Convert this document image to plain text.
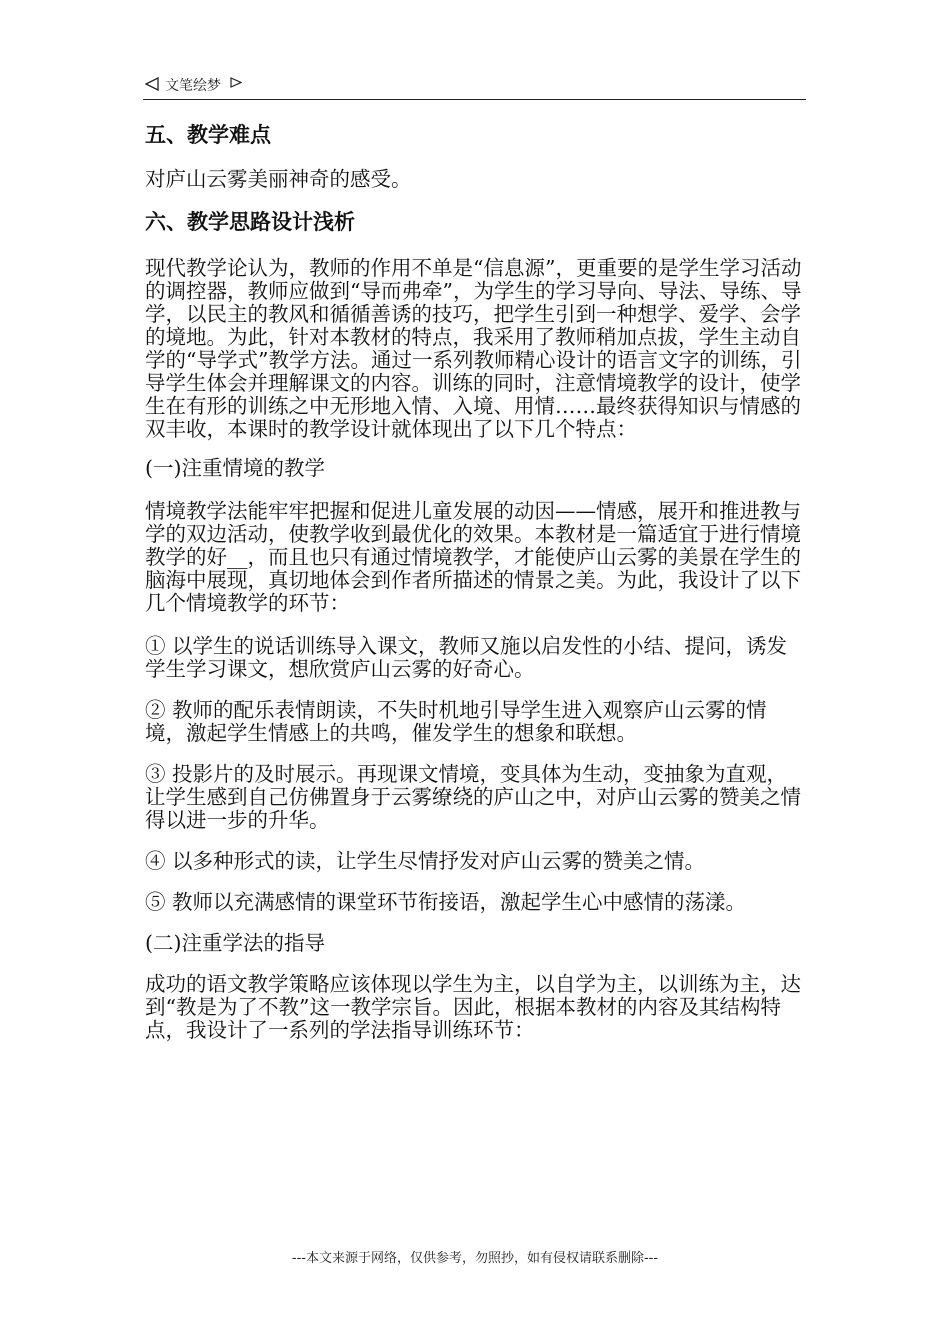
文笔绘梦
五、教学难点

对庐山云雾美丽神奇的感受。

六、教学思路设计浅析

现代教学论认为，教师的作用不单是“信息源”，更重要的是学生学习活动的调控器，教师应做到“导而弗牵”，为学生的学习导向、导法、导练、导学，以民主的教风和循循善诱的技巧，把学生引到一种想学、爱学、会学的境地。为此，针对本教材的特点，我采用了教师稍加点拔，学生主动自学的“导学式”教学方法。通过一系列教师精心设计的语言文字的训练，引导学生体会并理解课文的内容。训练的同时，注意情境教学的设计，使学生在有形的训练之中无形地入情、入境、用情……最终获得知识与情感的双丰收，本课时的教学设计就体现出了以下几个特点：

(一)注重情境的教学

情境教学法能牢牢把握和促进儿童发展的动因——情感，展开和推进教与学的双边活动，使教学收到最优化的效果。本教材是一篇适宜于进行情境教学的好__，而且也只有通过情境教学，才能使庐山云雾的美景在学生的脑海中展现，真切地体会到作者所描述的情景之美。为此，我设计了以下几个情境教学的环节：

① 以学生的说话训练导入课文，教师又施以启发性的小结、提问，诱发学生学习课文，想欣赏庐山云雾的好奇心。

② 教师的配乐表情朗读，不失时机地引导学生进入观察庐山云雾的情境，激起学生情感上的共鸣，催发学生的想象和联想。

③ 投影片的及时展示。再现课文情境，变具体为生动，变抽象为直观，让学生感到自己仿佛置身于云雾缭绕的庐山之中，对庐山云雾的赞美之情得以进一步的升华。

④ 以多种形式的读，让学生尽情抒发对庐山云雾的赞美之情。

⑤ 教师以充满感情的课堂环节衔接语，激起学生心中感情的荡漾。

(二)注重学法的指导

成功的语文教学策略应该体现以学生为主，以自学为主，以训练为主，达到“教是为了不教”这一教学宗旨。因此，根据本教材的内容及其结构特点，我设计了一系列的学法指导训练环节：

---本文来源于网络，仅供参考，勿照抄，如有侵权请联系删除---
